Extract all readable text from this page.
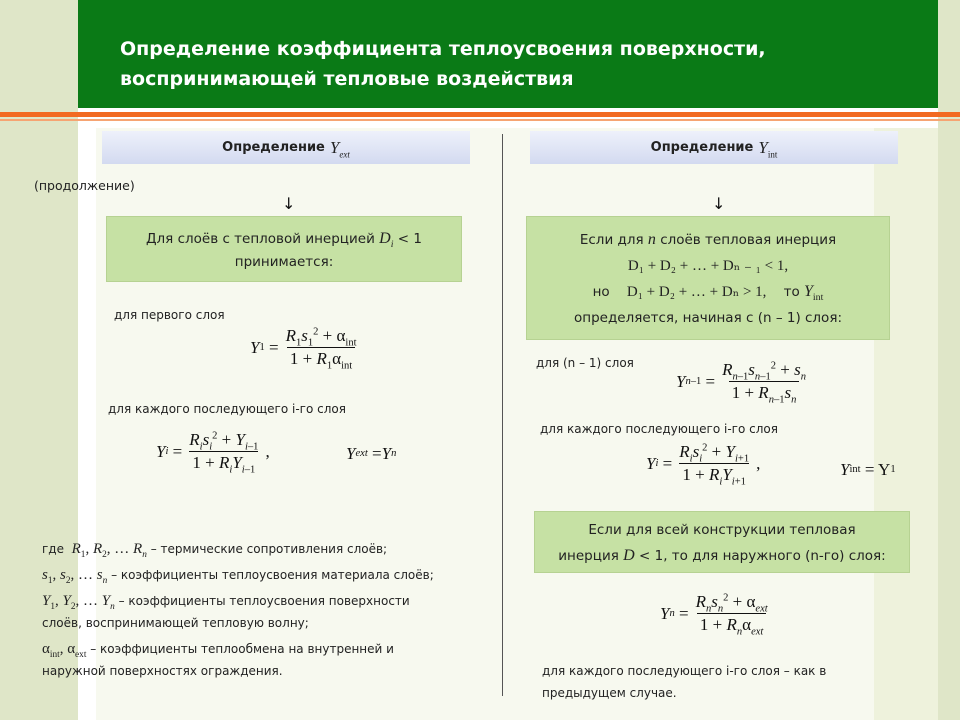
Определение коэффициента теплоусвоения поверхности,
воспринимающей тепловые воздействия
Определение $Y_{ext}$
(продолжение)
↓
Для слоёв с тепловой инерцией $D_i < 1$
принимается:
для первого слоя
Y $1 = \frac{R_1s_1^2 + \alpha_{int}}{1 + R_1\alpha_{int}}$
для каждого последующего i-го слоя
Y $i = \frac{R_is_i^2 + Y_{i-1}}{1 + R_iY_{i-1}}$ ,	Y ext = Y n
где $R_1$, $R_2$, … $R_n$ – термические сопротивления слоёв;
$s_1$, $s_2$, … $s_n$ – коэффициенты теплоусвоения материала слоёв;
$Y_1$, $Y_2$, … $Y_n$ – коэффициенты теплоусвоения поверхности
слоёв, воспринимающей тепловую волну;
$\alpha_{int}$, $\alpha_{ext}$ – коэффициенты теплообмена на внутренней и
наружной поверхностях ограждения.
Определение $Y_{int}$
↓
Если для n слоёв тепловая инерция
D₁ + D₂ + … + Dₙ ₋ ₁ < 1,
но D₁ + D₂ + … + Dₙ > 1, то $Y_{int}$
определяется, начиная с (n – 1) слоя:
для (n – 1) слоя
Y $n-1 = \frac{R_{n-1}s_{n-1}^2 + s_n}{1 + R_{n-1}s_n}$
для каждого последующего i-го слоя
Y $i = \frac{R_is_i^2 + Y_{i+1}}{1 + R_iY_{i+1}}$ ,	Y int
= Y 1
Если для всей конструкции тепловая
инерция D < 1, то для наружного (n-го) слоя:
Y $n = \frac{R_ns_n^2 + \alpha_{ext}}{1 + R_n\alpha_{ext}}$
для каждого последующего i-го слоя – как в
предыдущем случае.
